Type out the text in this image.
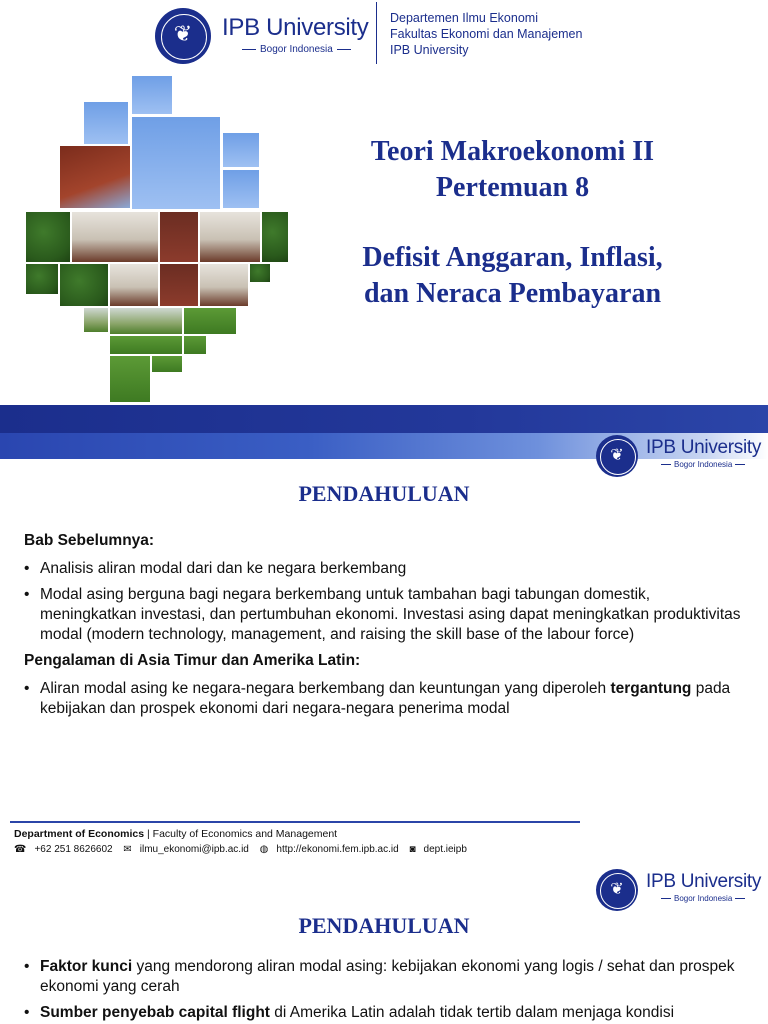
❦	IPB University
Bogor Indonesia
Departemen Ilmu Ekonomi
Fakultas Ekonomi dan Manajemen
IPB University
Teori Makroekonomi II
Pertemuan 8
Defisit Anggaran, Inflasi,
dan Neraca Pembayaran
❦	IPB University
Bogor Indonesia
PENDAHULUAN
Bab Sebelumnya:
• Analisis aliran modal dari dan ke negara berkembang
• Modal asing berguna bagi negara berkembang untuk tambahan bagi tabungan domestik, meningkatkan investasi, dan pertumbuhan ekonomi. Investasi asing dapat meningkatkan produktivitas modal (modern technology, management, and raising the skill base of the labour force)
Pengalaman di Asia Timur dan Amerika Latin:
• Aliran modal asing ke negara-negara berkembang dan keuntungan yang diperoleh tergantung pada kebijakan dan prospek ekonomi dari negara-negara penerima modal
Department of Economics | Faculty of Economics and Management
☎ +62 251 8626602 ✉ ilmu_ekonomi@ipb.ac.id ◍ http://ekonomi.fem.ipb.ac.id ◙ dept.ieipb
❦	IPB University
Bogor Indonesia
PENDAHULUAN
• Faktor kunci yang mendorong aliran modal asing: kebijakan ekonomi yang logis / sehat dan prospek ekonomi yang cerah
• Sumber penyebab capital flight di Amerika Latin adalah tidak tertib dalam menjaga kondisi
